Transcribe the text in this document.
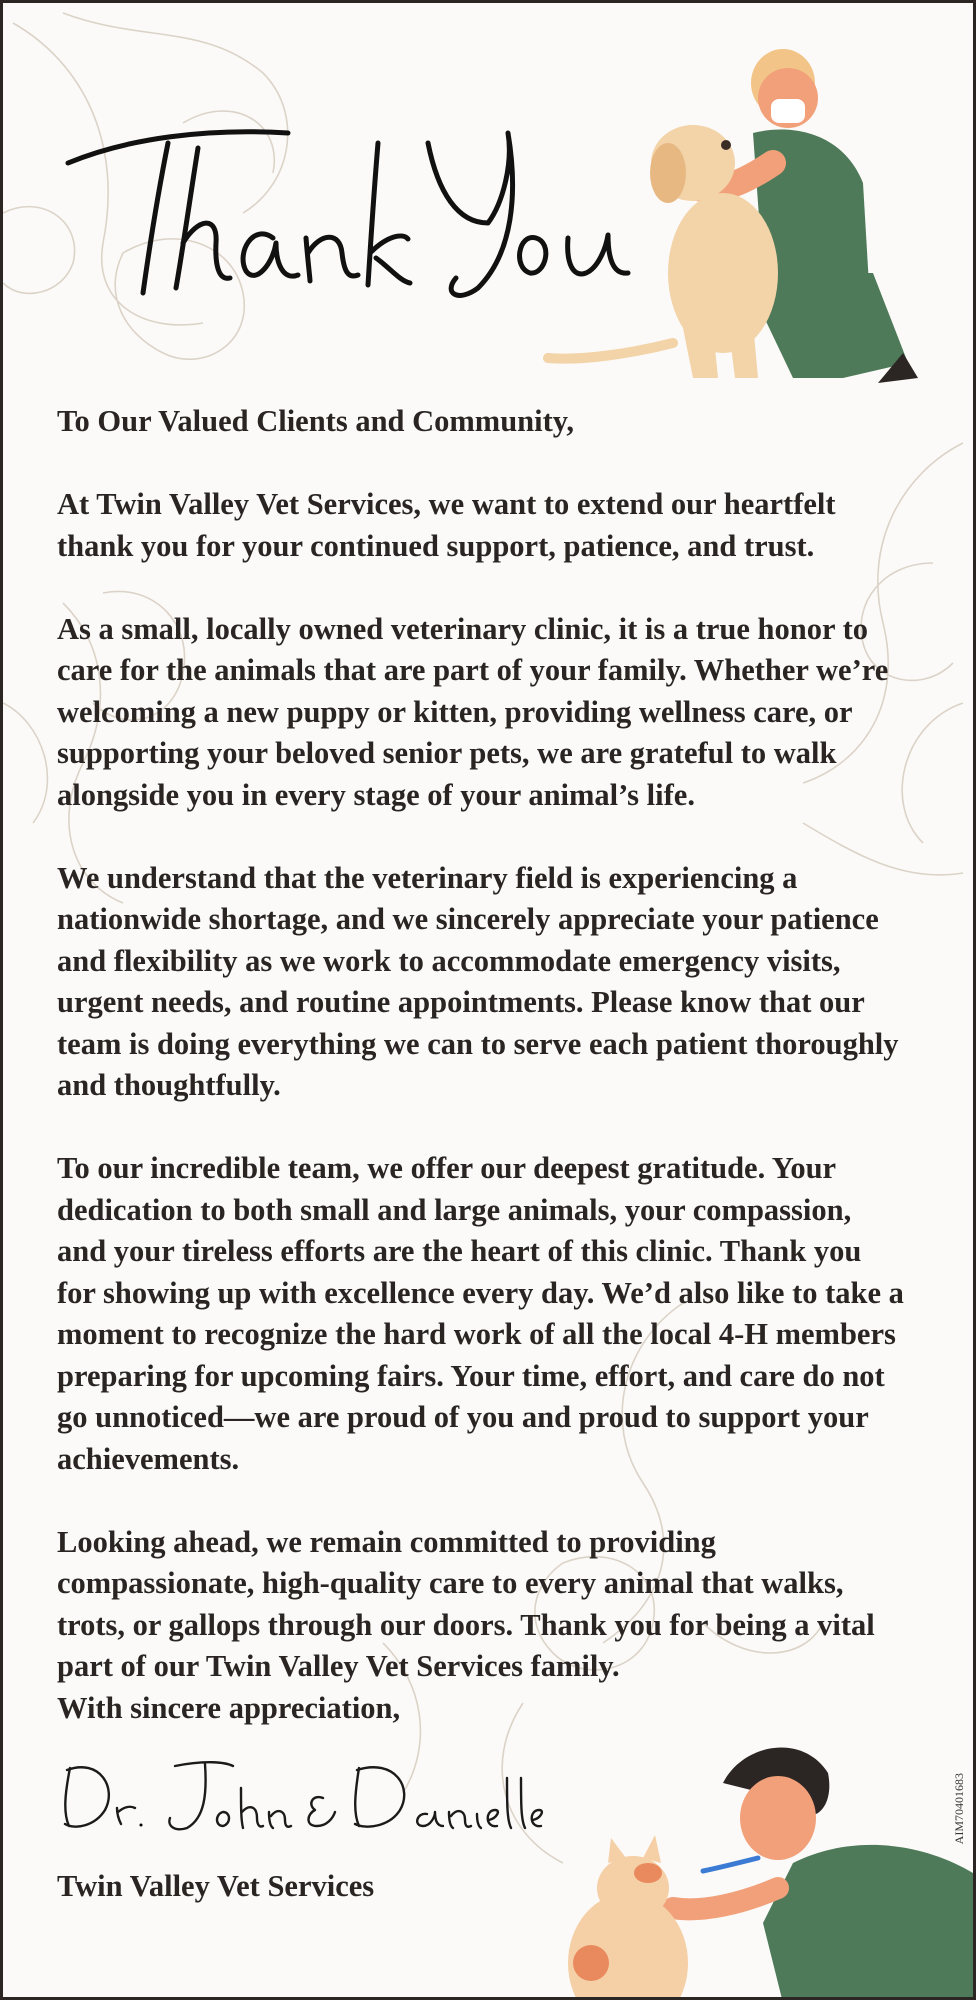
To Our Valued Clients and Community,

At Twin Valley Vet Services, we want to extend our heartfelt
thank you for your continued support, patience, and trust.

As a small, locally owned veterinary clinic, it is a true honor to
care for the animals that are part of your family. Whether we’re
welcoming a new puppy or kitten, providing wellness care, or
supporting your beloved senior pets, we are grateful to walk
alongside you in every stage of your animal’s life.

We understand that the veterinary field is experiencing a
nationwide shortage, and we sincerely appreciate your patience
and flexibility as we work to accommodate emergency visits,
urgent needs, and routine appointments. Please know that our
team is doing everything we can to serve each patient thoroughly
and thoughtfully.

To our incredible team, we offer our deepest gratitude. Your
dedication to both small and large animals, your compassion,
and your tireless efforts are the heart of this clinic. Thank you
for showing up with excellence every day. We’d also like to take a
moment to recognize the hard work of all the local 4-H members
preparing for upcoming fairs. Your time, effort, and care do not
go unnoticed—we are proud of you and proud to support your
achievements.

Looking ahead, we remain committed to providing
compassionate, high-quality care to every animal that walks,
trots, or gallops through our doors. Thank you for being a vital
part of our Twin Valley Vet Services family.

With sincere appreciation,

Twin Valley Vet Services
AIM70401683
